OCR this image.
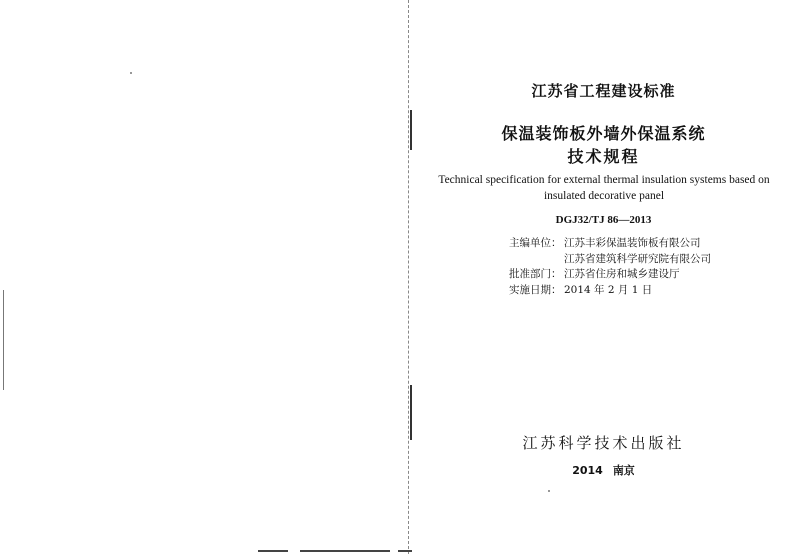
江苏省工程建设标准
保温装饰板外墙外保温系统
技术规程
Technical specification for external thermal insulation systems based on insulated decorative panel
DGJ32/TJ 86—2013
主编单位： 江苏丰彩保温装饰板有限公司
江苏省建筑科学研究院有限公司
批准部门： 江苏省住房和城乡建设厅
实施日期： 2014 年 2 月 1 日
江苏科学技术出版社
2014 南京
